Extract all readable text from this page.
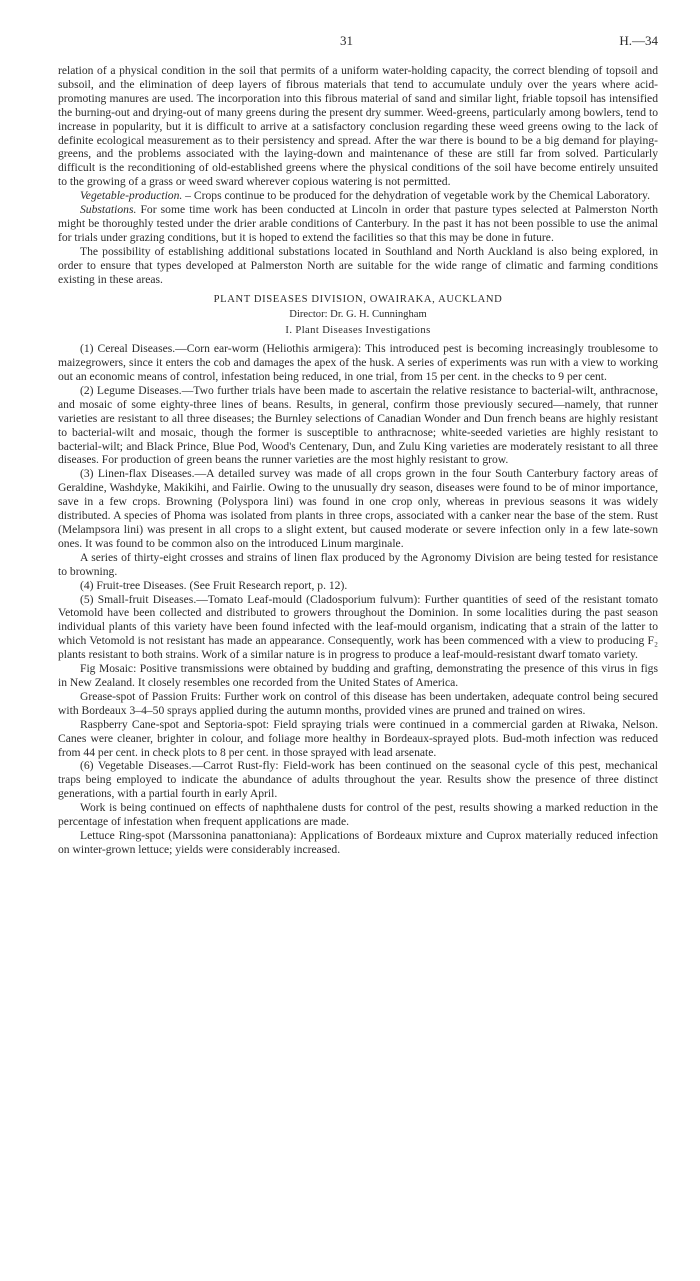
31	H.—34

relation of a physical condition in the soil that permits of a uniform water-holding capacity, the correct blending of topsoil and subsoil, and the elimination of deep layers of fibrous materials that tend to accumulate unduly over the years where acid-promoting manures are used. The incorporation into this fibrous material of sand and similar light, friable topsoil has intensified the burning-out and drying-out of many greens during the present dry summer. Weed-greens, particularly among bowlers, tend to increase in popularity, but it is difficult to arrive at a satisfactory conclusion regarding these weed greens owing to the lack of definite ecological measurement as to their persistency and spread. After the war there is bound to be a big demand for playing-greens, and the problems associated with the laying-down and maintenance of these are still far from solved. Particularly difficult is the reconditioning of old-established greens where the physical conditions of the soil have become entirely unsuited to the growing of a grass or weed sward wherever copious watering is not permitted.

Vegetable-production. – Crops continue to be produced for the dehydration of vegetable work by the Chemical Laboratory.

Substations. For some time work has been conducted at Lincoln in order that pasture types selected at Palmerston North might be thoroughly tested under the drier arable conditions of Canterbury. In the past it has not been possible to use the animal for trials under grazing conditions, but it is hoped to extend the facilities so that this may be done in future.

The possibility of establishing additional substations located in Southland and North Auckland is also being explored, in order to ensure that types developed at Palmerston North are suitable for the wide range of climatic and farming conditions existing in these areas.

PLANT DISEASES DIVISION, OWAIRAKA, AUCKLAND

Director: Dr. G. H. Cunningham

I. Plant Diseases Investigations

(1) Cereal Diseases.—Corn ear-worm (Heliothis armigera): This introduced pest is becoming increasingly troublesome to maizegrowers, since it enters the cob and damages the apex of the husk. A series of experiments was run with a view to working out an economic means of control, infestation being reduced, in one trial, from 15 per cent. in the checks to 9 per cent.

(2) Legume Diseases.—Two further trials have been made to ascertain the relative resistance to bacterial-wilt, anthracnose, and mosaic of some eighty-three lines of beans. Results, in general, confirm those previously secured—namely, that runner varieties are resistant to all three diseases; the Burnley selections of Canadian Wonder and Dun french beans are highly resistant to bacterial-wilt and mosaic, though the former is susceptible to anthracnose; white-seeded varieties are highly resistant to bacterial-wilt; and Black Prince, Blue Pod, Wood's Centenary, Dun, and Zulu King varieties are moderately resistant to all three diseases. For production of green beans the runner varieties are the most highly resistant to grow.

(3) Linen-flax Diseases.—A detailed survey was made of all crops grown in the four South Canterbury factory areas of Geraldine, Washdyke, Makikihi, and Fairlie. Owing to the unusually dry season, diseases were found to be of minor importance, save in a few crops. Browning (Polyspora lini) was found in one crop only, whereas in previous seasons it was widely distributed. A species of Phoma was isolated from plants in three crops, associated with a canker near the base of the stem. Rust (Melampsora lini) was present in all crops to a slight extent, but caused moderate or severe infection only in a few late-sown ones. It was found to be common also on the introduced Linum marginale.

A series of thirty-eight crosses and strains of linen flax produced by the Agronomy Division are being tested for resistance to browning.

(4) Fruit-tree Diseases. (See Fruit Research report, p. 12).

(5) Small-fruit Diseases.—Tomato Leaf-mould (Cladosporium fulvum): Further quantities of seed of the resistant tomato Vetomold have been collected and distributed to growers throughout the Dominion. In some localities during the past season individual plants of this variety have been found infected with the leaf-mould organism, indicating that a strain of the latter to which Vetomold is not resistant has made an appearance. Consequently, work has been commenced with a view to producing F₂ plants resistant to both strains. Work of a similar nature is in progress to produce a leaf-mould-resistant dwarf tomato variety.

Fig Mosaic: Positive transmissions were obtained by budding and grafting, demonstrating the presence of this virus in figs in New Zealand. It closely resembles one recorded from the United States of America.

Grease-spot of Passion Fruits: Further work on control of this disease has been undertaken, adequate control being secured with Bordeaux 3–4–50 sprays applied during the autumn months, provided vines are pruned and trained on wires.

Raspberry Cane-spot and Septoria-spot: Field spraying trials were continued in a commercial garden at Riwaka, Nelson. Canes were cleaner, brighter in colour, and foliage more healthy in Bordeaux-sprayed plots. Bud-moth infection was reduced from 44 per cent. in check plots to 8 per cent. in those sprayed with lead arsenate.

(6) Vegetable Diseases.—Carrot Rust-fly: Field-work has been continued on the seasonal cycle of this pest, mechanical traps being employed to indicate the abundance of adults throughout the year. Results show the presence of three distinct generations, with a partial fourth in early April.

Work is being continued on effects of naphthalene dusts for control of the pest, results showing a marked reduction in the percentage of infestation when frequent applications are made.

Lettuce Ring-spot (Marssonina panattoniana): Applications of Bordeaux mixture and Cuprox materially reduced infection on winter-grown lettuce; yields were considerably increased.
